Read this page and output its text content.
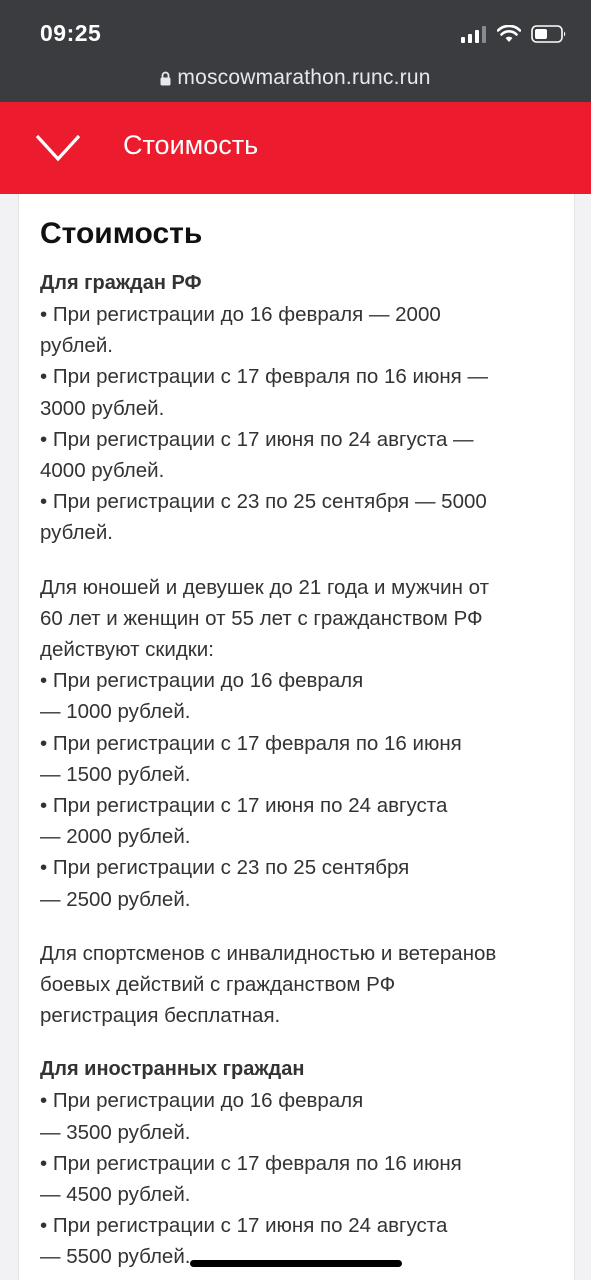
09:25
moscowmarathon.runc.run
Стоимость
Стоимость
Для граждан РФ
• При регистрации до 16 февраля — 2000
рублей.
• При регистрации с 17 февраля по 16 июня —
3000 рублей.
• При регистрации с 17 июня по 24 августа —
4000 рублей.
• При регистрации с 23 по 25 сентября — 5000
рублей.
Для юношей и девушек до 21 года и мужчин от
60 лет и женщин от 55 лет с гражданством РФ
действуют скидки:
• При регистрации до 16 февраля
— 1000 рублей.
• При регистрации с 17 февраля по 16 июня
— 1500 рублей.
• При регистрации с 17 июня по 24 августа
— 2000 рублей.
• При регистрации с 23 по 25 сентября
— 2500 рублей.
Для спортсменов с инвалидностью и ветеранов
боевых действий с гражданством РФ
регистрация бесплатная.
Для иностранных граждан
• При регистрации до 16 февраля
— 3500 рублей.
• При регистрации с 17 февраля по 16 июня
— 4500 рублей.
• При регистрации с 17 июня по 24 августа
— 5500 рублей.
